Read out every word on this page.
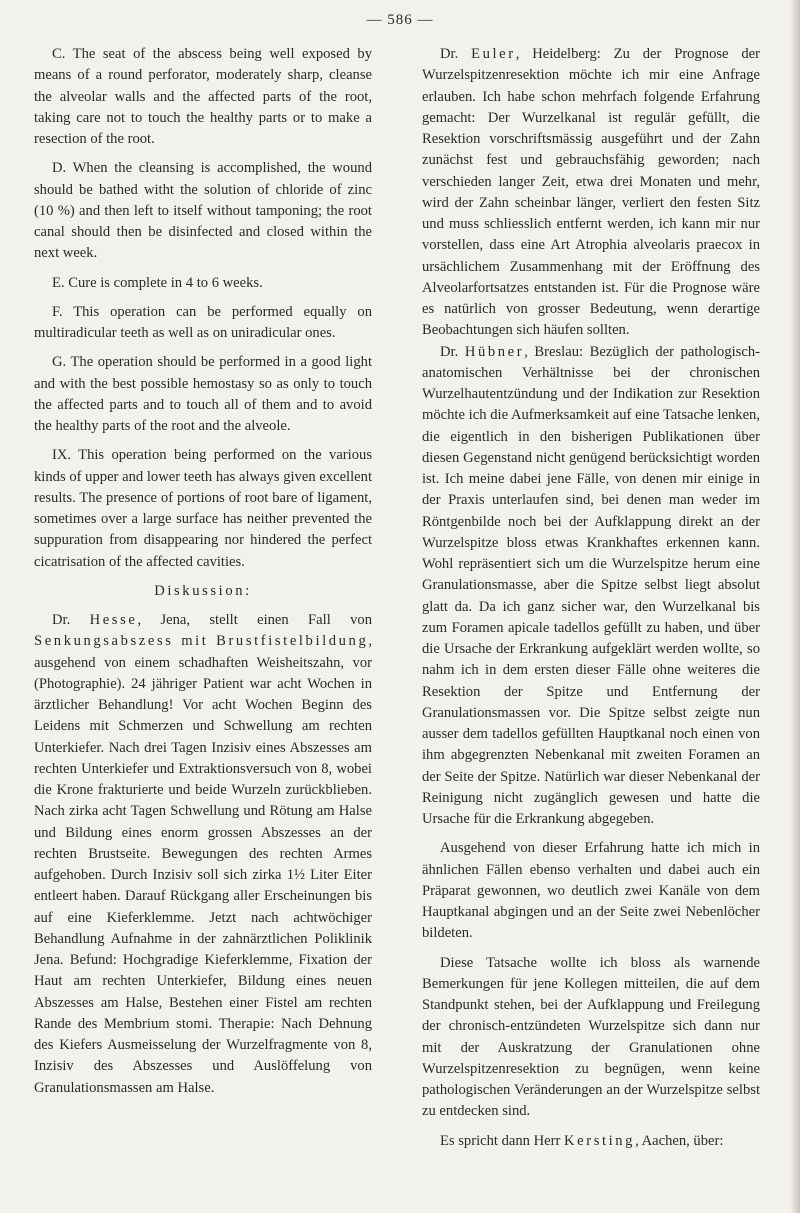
— 586 —

C. The seat of the abscess being well exposed by means of a round perforator, moderately sharp, cleanse the alveolar walls and the affected parts of the root, taking care not to touch the healthy parts or to make a resection of the root.

D. When the cleansing is accomplished, the wound should be bathed witht the solution of chloride of zinc (10 %) and then left to itself without tamponing; the root canal should then be disinfected and closed within the next week.

E. Cure is complete in 4 to 6 weeks.

F. This operation can be performed equally on multiradicular teeth as well as on uniradicular ones.

G. The operation should be performed in a good light and with the best possible hemostasy so as only to touch the affected parts and to touch all of them and to avoid the healthy parts of the root and the alveole.

IX. This operation being performed on the various kinds of upper and lower teeth has always given excellent results. The presence of portions of root bare of ligament, sometimes over a large surface has neither prevented the suppuration from disappearing nor hindered the perfect cicatrisation of the affected cavities.

Diskussion:

Dr. Hesse, Jena, stellt einen Fall von Senkungsabszess mit Brustfistelbildung, ausgehend von einem schadhaften Weisheitszahn, vor (Photographie). 24 jähriger Patient war acht Wochen in ärztlicher Behandlung! Vor acht Wochen Beginn des Leidens mit Schmerzen und Schwellung am rechten Unterkiefer. Nach drei Tagen Inzisiv eines Abszesses am rechten Unterkiefer und Extraktionsversuch von 8, wobei die Krone frakturierte und beide Wurzeln zurückblieben. Nach zirka acht Tagen Schwellung und Rötung am Halse und Bildung eines enorm grossen Abszesses an der rechten Brustseite. Bewegungen des rechten Armes aufgehoben. Durch Inzisiv soll sich zirka 1½ Liter Eiter entleert haben. Darauf Rückgang aller Erscheinungen bis auf eine Kieferklemme. Jetzt nach achtwöchiger Behandlung Aufnahme in der zahnärztlichen Poliklinik Jena. Befund: Hochgradige Kieferklemme, Fixation der Haut am rechten Unterkiefer, Bildung eines neuen Abszesses am Halse, Bestehen einer Fistel am rechten Rande des Membrium stomi. Therapie: Nach Dehnung des Kiefers Ausmeisselung der Wurzelfragmente von 8, Inzisiv des Abszesses und Auslöffelung von Granulationsmassen am Halse.

Dr. Euler, Heidelberg: Zu der Prognose der Wurzelspitzenresektion möchte ich mir eine Anfrage erlauben. Ich habe schon mehrfach folgende Erfahrung gemacht: Der Wurzelkanal ist regulär gefüllt, die Resektion vorschriftsmässig ausgeführt und der Zahn zunächst fest und gebrauchsfähig geworden; nach verschieden langer Zeit, etwa drei Monaten und mehr, wird der Zahn scheinbar länger, verliert den festen Sitz und muss schliesslich entfernt werden, ich kann mir nur vorstellen, dass eine Art Atrophia alveolaris praecox in ursächlichem Zusammenhang mit der Eröffnung des Alveolarfortsatzes entstanden ist. Für die Prognose wäre es natürlich von grosser Bedeutung, wenn derartige Beobachtungen sich häufen sollten.

Dr. Hübner, Breslau: Bezüglich der pathologisch-anatomischen Verhältnisse bei der chronischen Wurzelhautentzündung und der Indikation zur Resektion möchte ich die Aufmerksamkeit auf eine Tatsache lenken, die eigentlich in den bisherigen Publikationen über diesen Gegenstand nicht genügend berücksichtigt worden ist. Ich meine dabei jene Fälle, von denen mir einige in der Praxis unterlaufen sind, bei denen man weder im Röntgenbilde noch bei der Aufklappung direkt an der Wurzelspitze bloss etwas Krankhaftes erkennen kann. Wohl repräsentiert sich um die Wurzelspitze herum eine Granulationsmasse, aber die Spitze selbst liegt absolut glatt da. Da ich ganz sicher war, den Wurzelkanal bis zum Foramen apicale tadellos gefüllt zu haben, und über die Ursache der Erkrankung aufgeklärt werden wollte, so nahm ich in dem ersten dieser Fälle ohne weiteres die Resektion der Spitze und Entfernung der Granulationsmassen vor. Die Spitze selbst zeigte nun ausser dem tadellos gefüllten Hauptkanal noch einen von ihm abgegrenzten Nebenkanal mit zweiten Foramen an der Seite der Spitze. Natürlich war dieser Nebenkanal der Reinigung nicht zugänglich gewesen und hatte die Ursache für die Erkrankung abgegeben.

Ausgehend von dieser Erfahrung hatte ich mich in ähnlichen Fällen ebenso verhalten und dabei auch ein Präparat gewonnen, wo deutlich zwei Kanäle von dem Hauptkanal abgingen und an der Seite zwei Nebenlöcher bildeten.

Diese Tatsache wollte ich bloss als warnende Bemerkungen für jene Kollegen mitteilen, die auf dem Standpunkt stehen, bei der Aufklappung und Freilegung der chronisch-entzündeten Wurzelspitze sich dann nur mit der Auskratzung der Granulationen ohne Wurzelspitzenresektion zu begnügen, wenn keine pathologischen Veränderungen an der Wurzelspitze selbst zu entdecken sind.

Es spricht dann Herr Kersting, Aachen, über:
